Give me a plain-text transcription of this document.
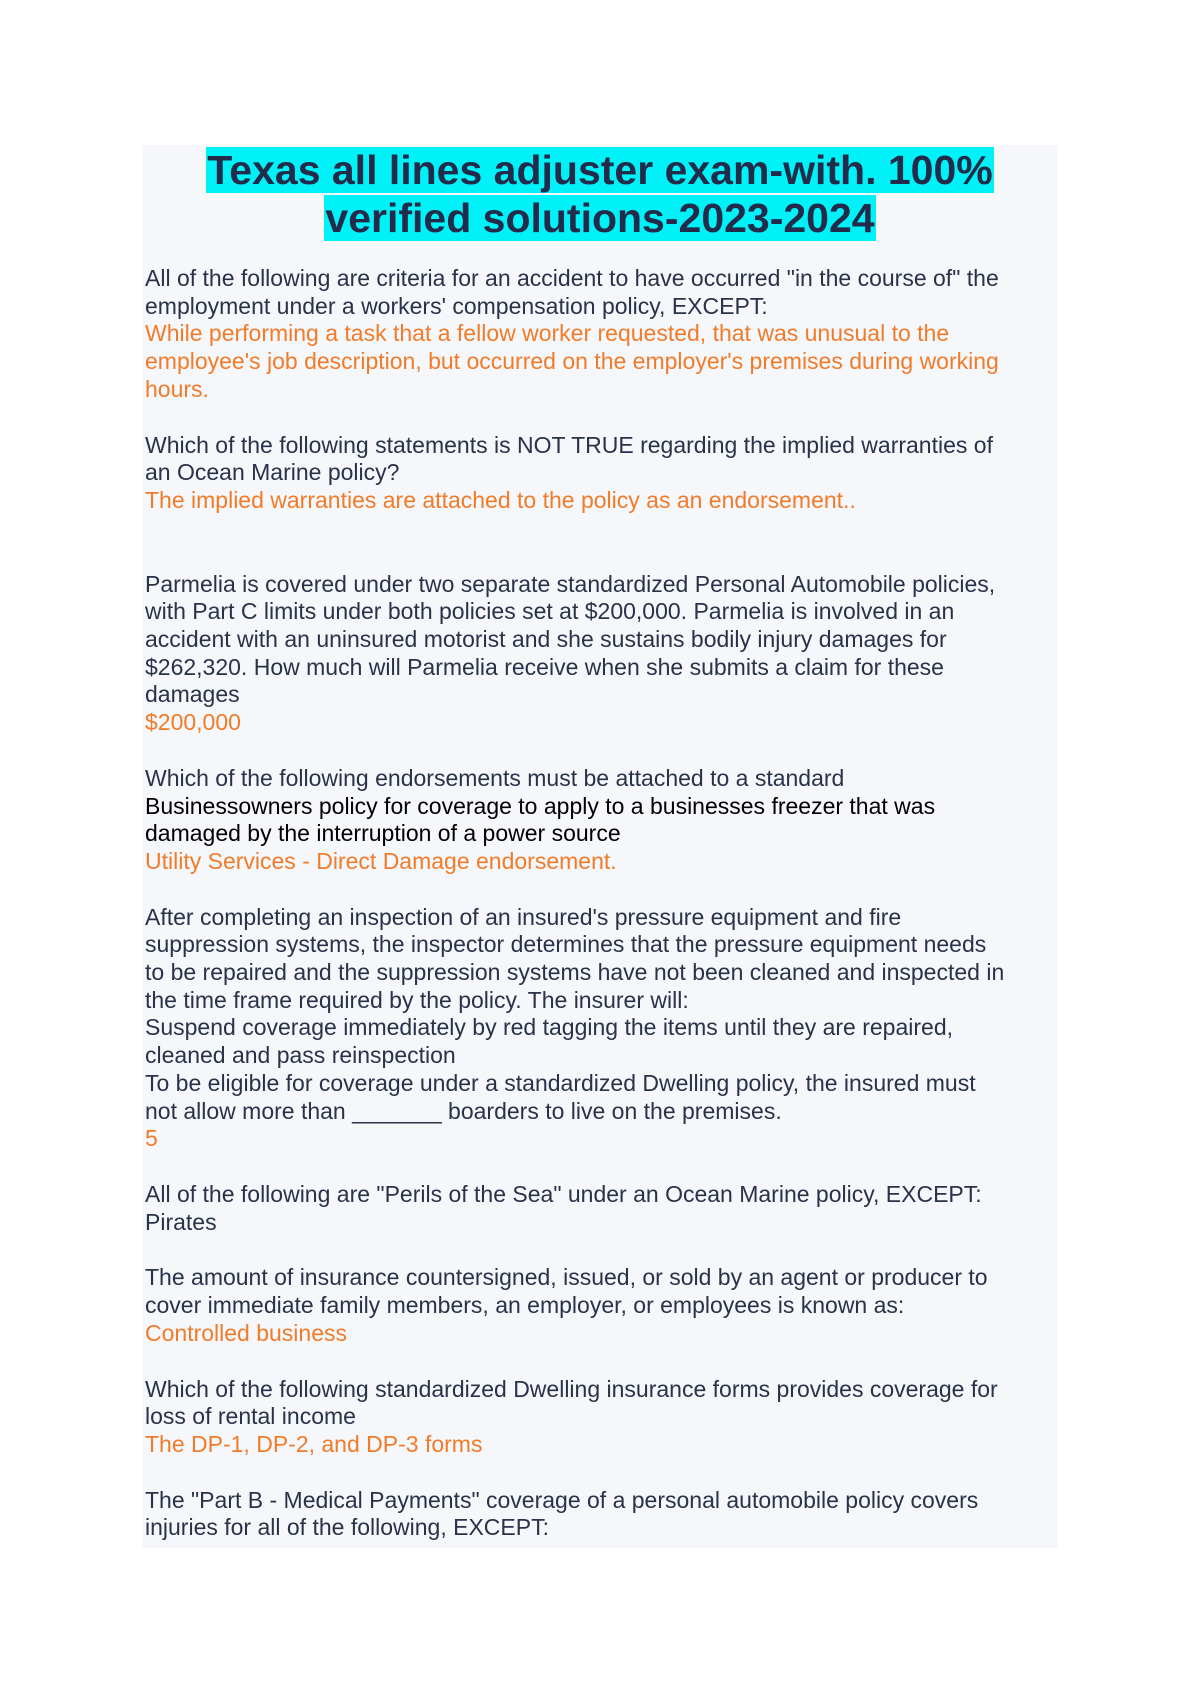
Texas all lines adjuster exam-with. 100%
verified solutions-2023-2024
All of the following are criteria for an accident to have occurred "in the course of" the
employment under a workers' compensation policy, EXCEPT:
While performing a task that a fellow worker requested, that was unusual to the
employee's job description, but occurred on the employer's premises during working
hours.
Which of the following statements is NOT TRUE regarding the implied warranties of
an Ocean Marine policy?
The implied warranties are attached to the policy as an endorsement..
Parmelia is covered under two separate standardized Personal Automobile policies,
with Part C limits under both policies set at $200,000. Parmelia is involved in an
accident with an uninsured motorist and she sustains bodily injury damages for
$262,320. How much will Parmelia receive when she submits a claim for these
damages
$200,000
Which of the following endorsements must be attached to a standard
Businessowners policy for coverage to apply to a businesses freezer that was
damaged by the interruption of a power source
Utility Services - Direct Damage endorsement.
After completing an inspection of an insured's pressure equipment and fire
suppression systems, the inspector determines that the pressure equipment needs
to be repaired and the suppression systems have not been cleaned and inspected in
the time frame required by the policy. The insurer will:
Suspend coverage immediately by red tagging the items until they are repaired,
cleaned and pass reinspection
To be eligible for coverage under a standardized Dwelling policy, the insured must
not allow more than _______ boarders to live on the premises.
5
All of the following are "Perils of the Sea" under an Ocean Marine policy, EXCEPT:
Pirates
The amount of insurance countersigned, issued, or sold by an agent or producer to
cover immediate family members, an employer, or employees is known as:
Controlled business
Which of the following standardized Dwelling insurance forms provides coverage for
loss of rental income
The DP-1, DP-2, and DP-3 forms
The "Part B - Medical Payments" coverage of a personal automobile policy covers
injuries for all of the following, EXCEPT:
